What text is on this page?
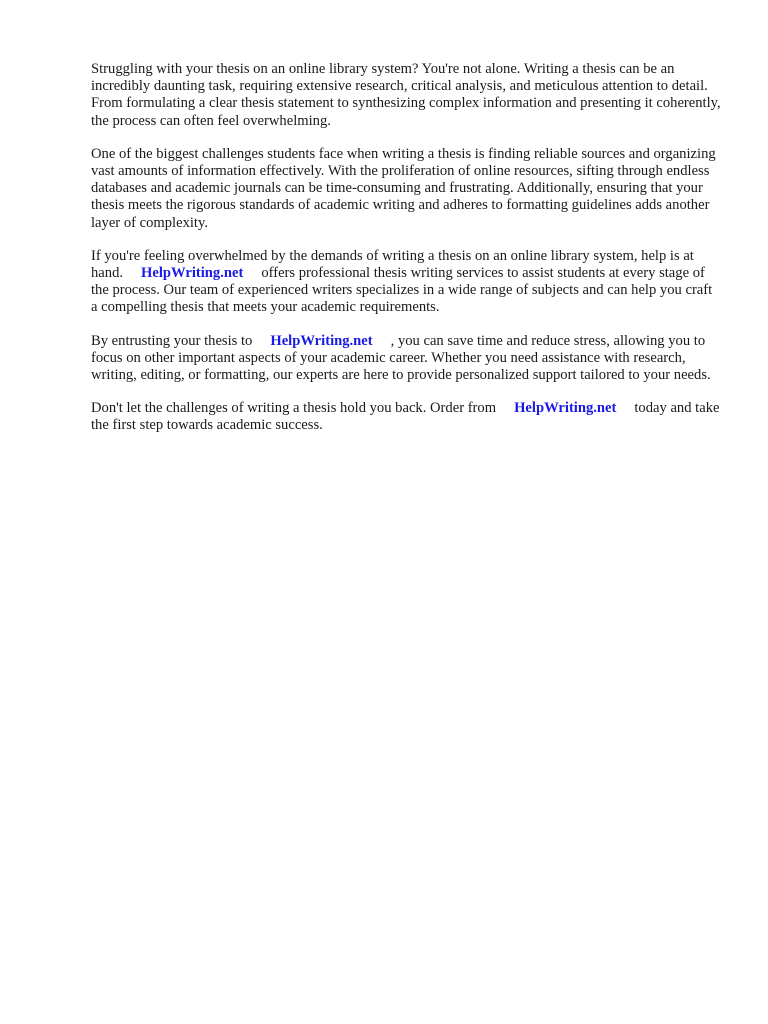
Struggling with your thesis on an online library system? You're not alone. Writing a thesis can be an incredibly daunting task, requiring extensive research, critical analysis, and meticulous attention to detail. From formulating a clear thesis statement to synthesizing complex information and presenting it coherently, the process can often feel overwhelming.

One of the biggest challenges students face when writing a thesis is finding reliable sources and organizing vast amounts of information effectively. With the proliferation of online resources, sifting through endless databases and academic journals can be time-consuming and frustrating. Additionally, ensuring that your thesis meets the rigorous standards of academic writing and adheres to formatting guidelines adds another layer of complexity.

If you're feeling overwhelmed by the demands of writing a thesis on an online library system, help is at hand. HelpWriting.net offers professional thesis writing services to assist students at every stage of the process. Our team of experienced writers specializes in a wide range of subjects and can help you craft a compelling thesis that meets your academic requirements.

By entrusting your thesis to HelpWriting.net , you can save time and reduce stress, allowing you to focus on other important aspects of your academic career. Whether you need assistance with research, writing, editing, or formatting, our experts are here to provide personalized support tailored to your needs.

Don't let the challenges of writing a thesis hold you back. Order from HelpWriting.net today and take the first step towards academic success.
